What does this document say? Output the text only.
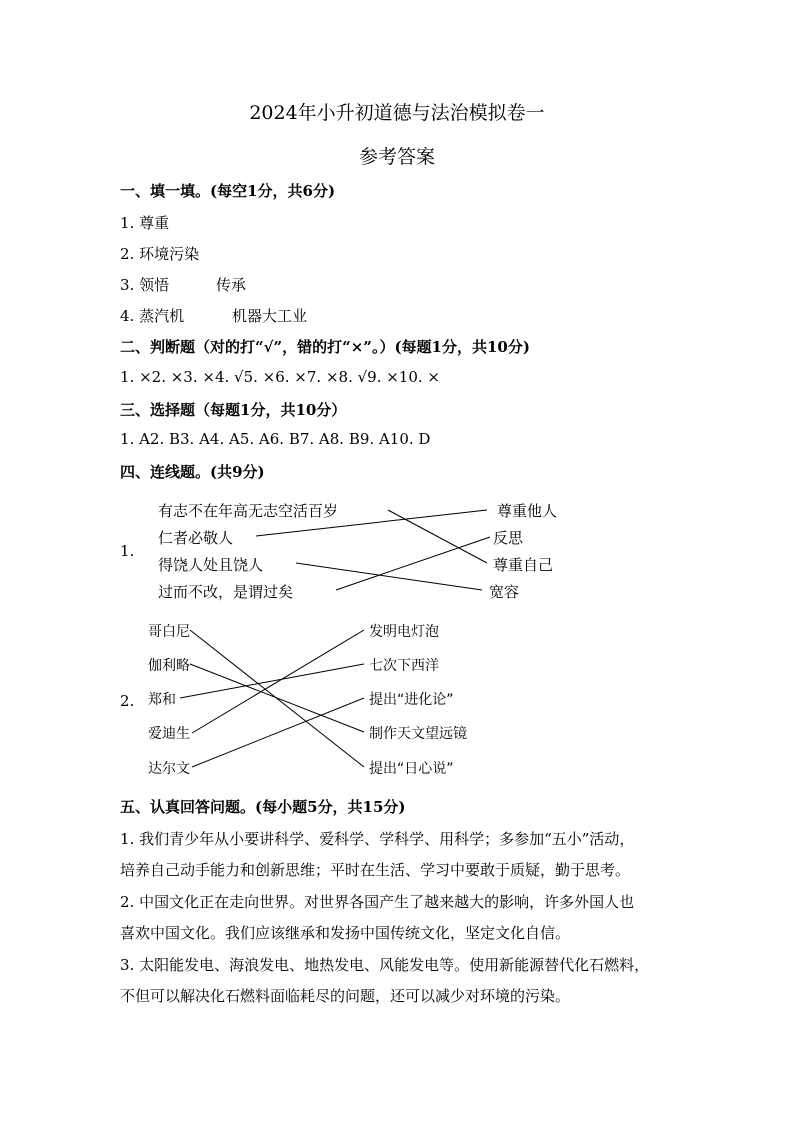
2024年小升初道德与法治模拟卷一
参考答案
一、填一填。(每空1分，共6分)
1. 尊重
2. 环境污染
3. 领悟	传承
4. 蒸汽机	机器大工业
二、判断题（对的打“√”，错的打“×”。）(每题1分，共10分)
1. ×2. ×3. ×4. √5. ×6. ×7. ×8. √9. ×10. ×
三、选择题（每题1分，共10分）
1. A2. B3. A4. A5. A6. B7. A8. B9. A10. D
四、连线题。(共9分)
1.
有志不在年高无志空活百岁
仁者必敬人
得饶人处且饶人
过而不改，是谓过矣
尊重他人
反思
尊重自己
宽容
2.
哥白尼
伽利略
郑和
爱迪生
达尔文
发明电灯泡
七次下西洋
提出“进化论”
制作天文望远镜
提出“日心说”
五、认真回答问题。(每小题5分，共15分)
1. 我们青少年从小要讲科学、爱科学、学科学、用科学；多参加“五小”活动，
培养自己动手能力和创新思维；平时在生活、学习中要敢于质疑，勤于思考。
2. 中国文化正在走向世界。对世界各国产生了越来越大的影响，许多外国人也
喜欢中国文化。我们应该继承和发扬中国传统文化，坚定文化自信。
3. 太阳能发电、海浪发电、地热发电、风能发电等。使用新能源替代化石燃料，
不但可以解决化石燃料面临耗尽的问题，还可以减少对环境的污染。
